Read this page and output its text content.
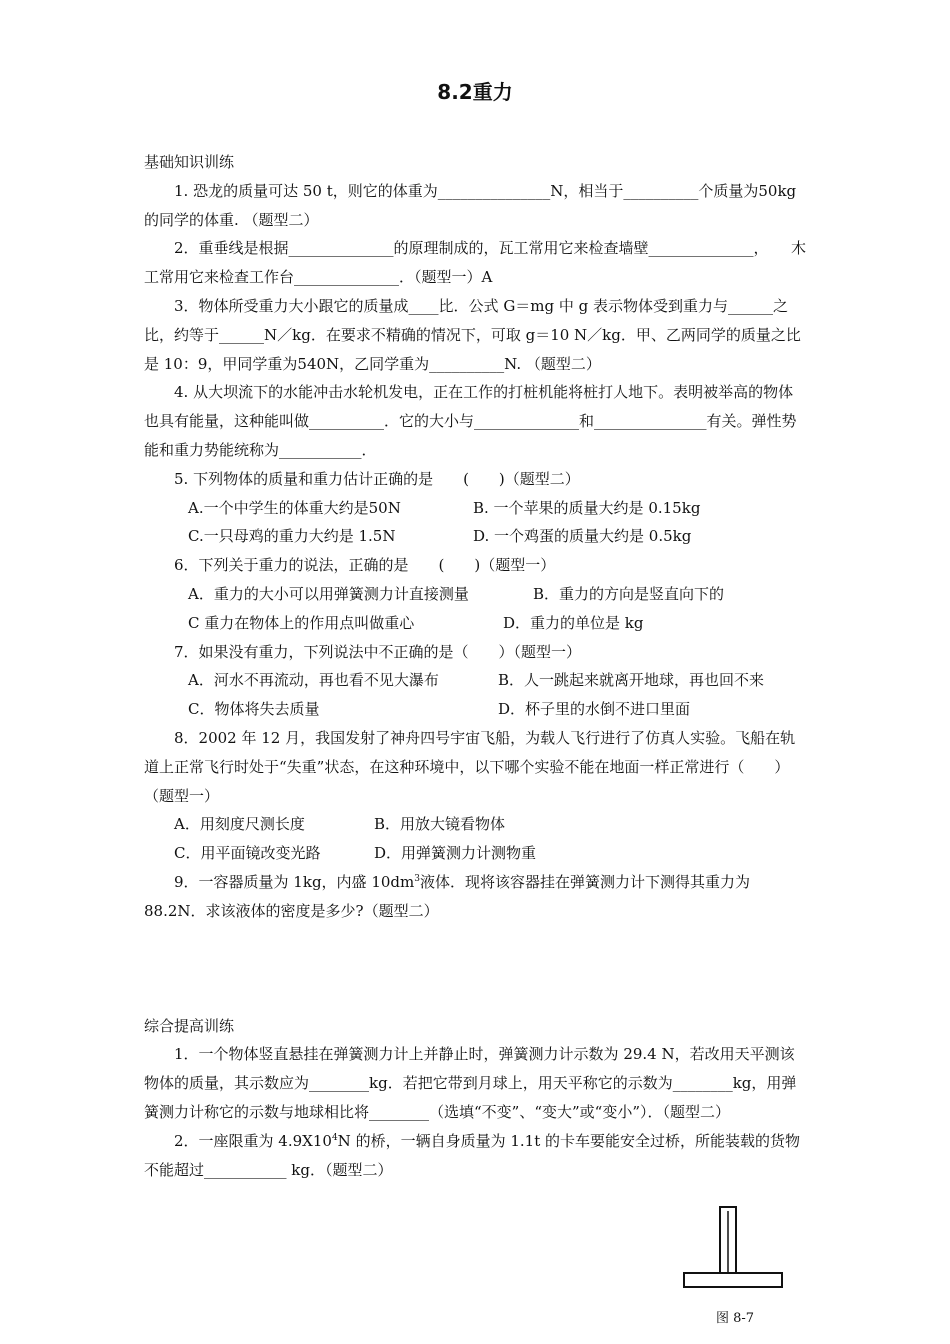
8.2重力

基础知识训练

1. 恐龙的质量可达 50 t，则它的体重为_______________N，相当于__________个质量为50kg的同学的体重. （题型二）

2．重垂线是根据______________的原理制成的，瓦工常用它来检查墙壁______________，　　木工常用它来检查工作台______________．（题型一）A

3．物体所受重力大小跟它的质量成____比．公式 G＝mg 中 g 表示物体受到重力与______之比，约等于______N／kg．在要求不精确的情况下，可取 g＝10 N／kg．甲、乙两同学的质量之比是 10：9，甲同学重为540N，乙同学重为__________N. （题型二）

4. 从大坝流下的水能冲击水轮机发电，正在工作的打桩机能将桩打人地下。表明被举高的物体也具有能量，这种能叫做__________．它的大小与______________和_______________有关。弹性势能和重力势能统称为___________．

5. 下列物体的质量和重力估计正确的是　　(　　)（题型二）

A.一个中学生的体重大约是50N	B. 一个苹果的质量大约是 0.15kg

C.一只母鸡的重力大约是 1.5N	D. 一个鸡蛋的质量大约是 0.5kg

6．下列关于重力的说法，正确的是　　(　　)（题型一）

A．重力的大小可以用弹簧测力计直接测量	B．重力的方向是竖直向下的

C 重力在物体上的作用点叫做重心	D．重力的单位是 kg

7．如果没有重力，下列说法中不正确的是（　　）（题型一）

A．河水不再流动，再也看不见大瀑布	B．人一跳起来就离开地球，再也回不来

C．物体将失去质量	D．杯子里的水倒不进口里面

8．2002 年 12 月，我国发射了神舟四号宇宙飞船，为载人飞行进行了仿真人实验。飞船在轨道上正常飞行时处于“失重”状态，在这种环境中，以下哪个实验不能在地面一样正常进行（　　）（题型一）

A．用刻度尺测长度	B．用放大镜看物体

C．用平面镜改变光路	D．用弹簧测力计测物重

9．一容器质量为 1kg，内盛 $10dm^3$液体．现将该容器挂在弹簧测力计下测得其重力为 88.2N．求该液体的密度是多少?（题型二）

综合提高训练

1．一个物体竖直悬挂在弹簧测力计上并静止时，弹簧测力计示数为 29.4 N，若改用天平测该物体的质量，其示数应为________kg．若把它带到月球上，用天平称它的示数为________kg，用弹簧测力计称它的示数与地球相比将________（选填“不变”、“变大”或“变小”）．（题型二）

2．一座限重为 $4.9X10^4N$ 的桥，一辆自身质量为 1.1t 的卡车要能安全过桥，所能装载的货物不能超过___________ kg．（题型二）

图 8-7
